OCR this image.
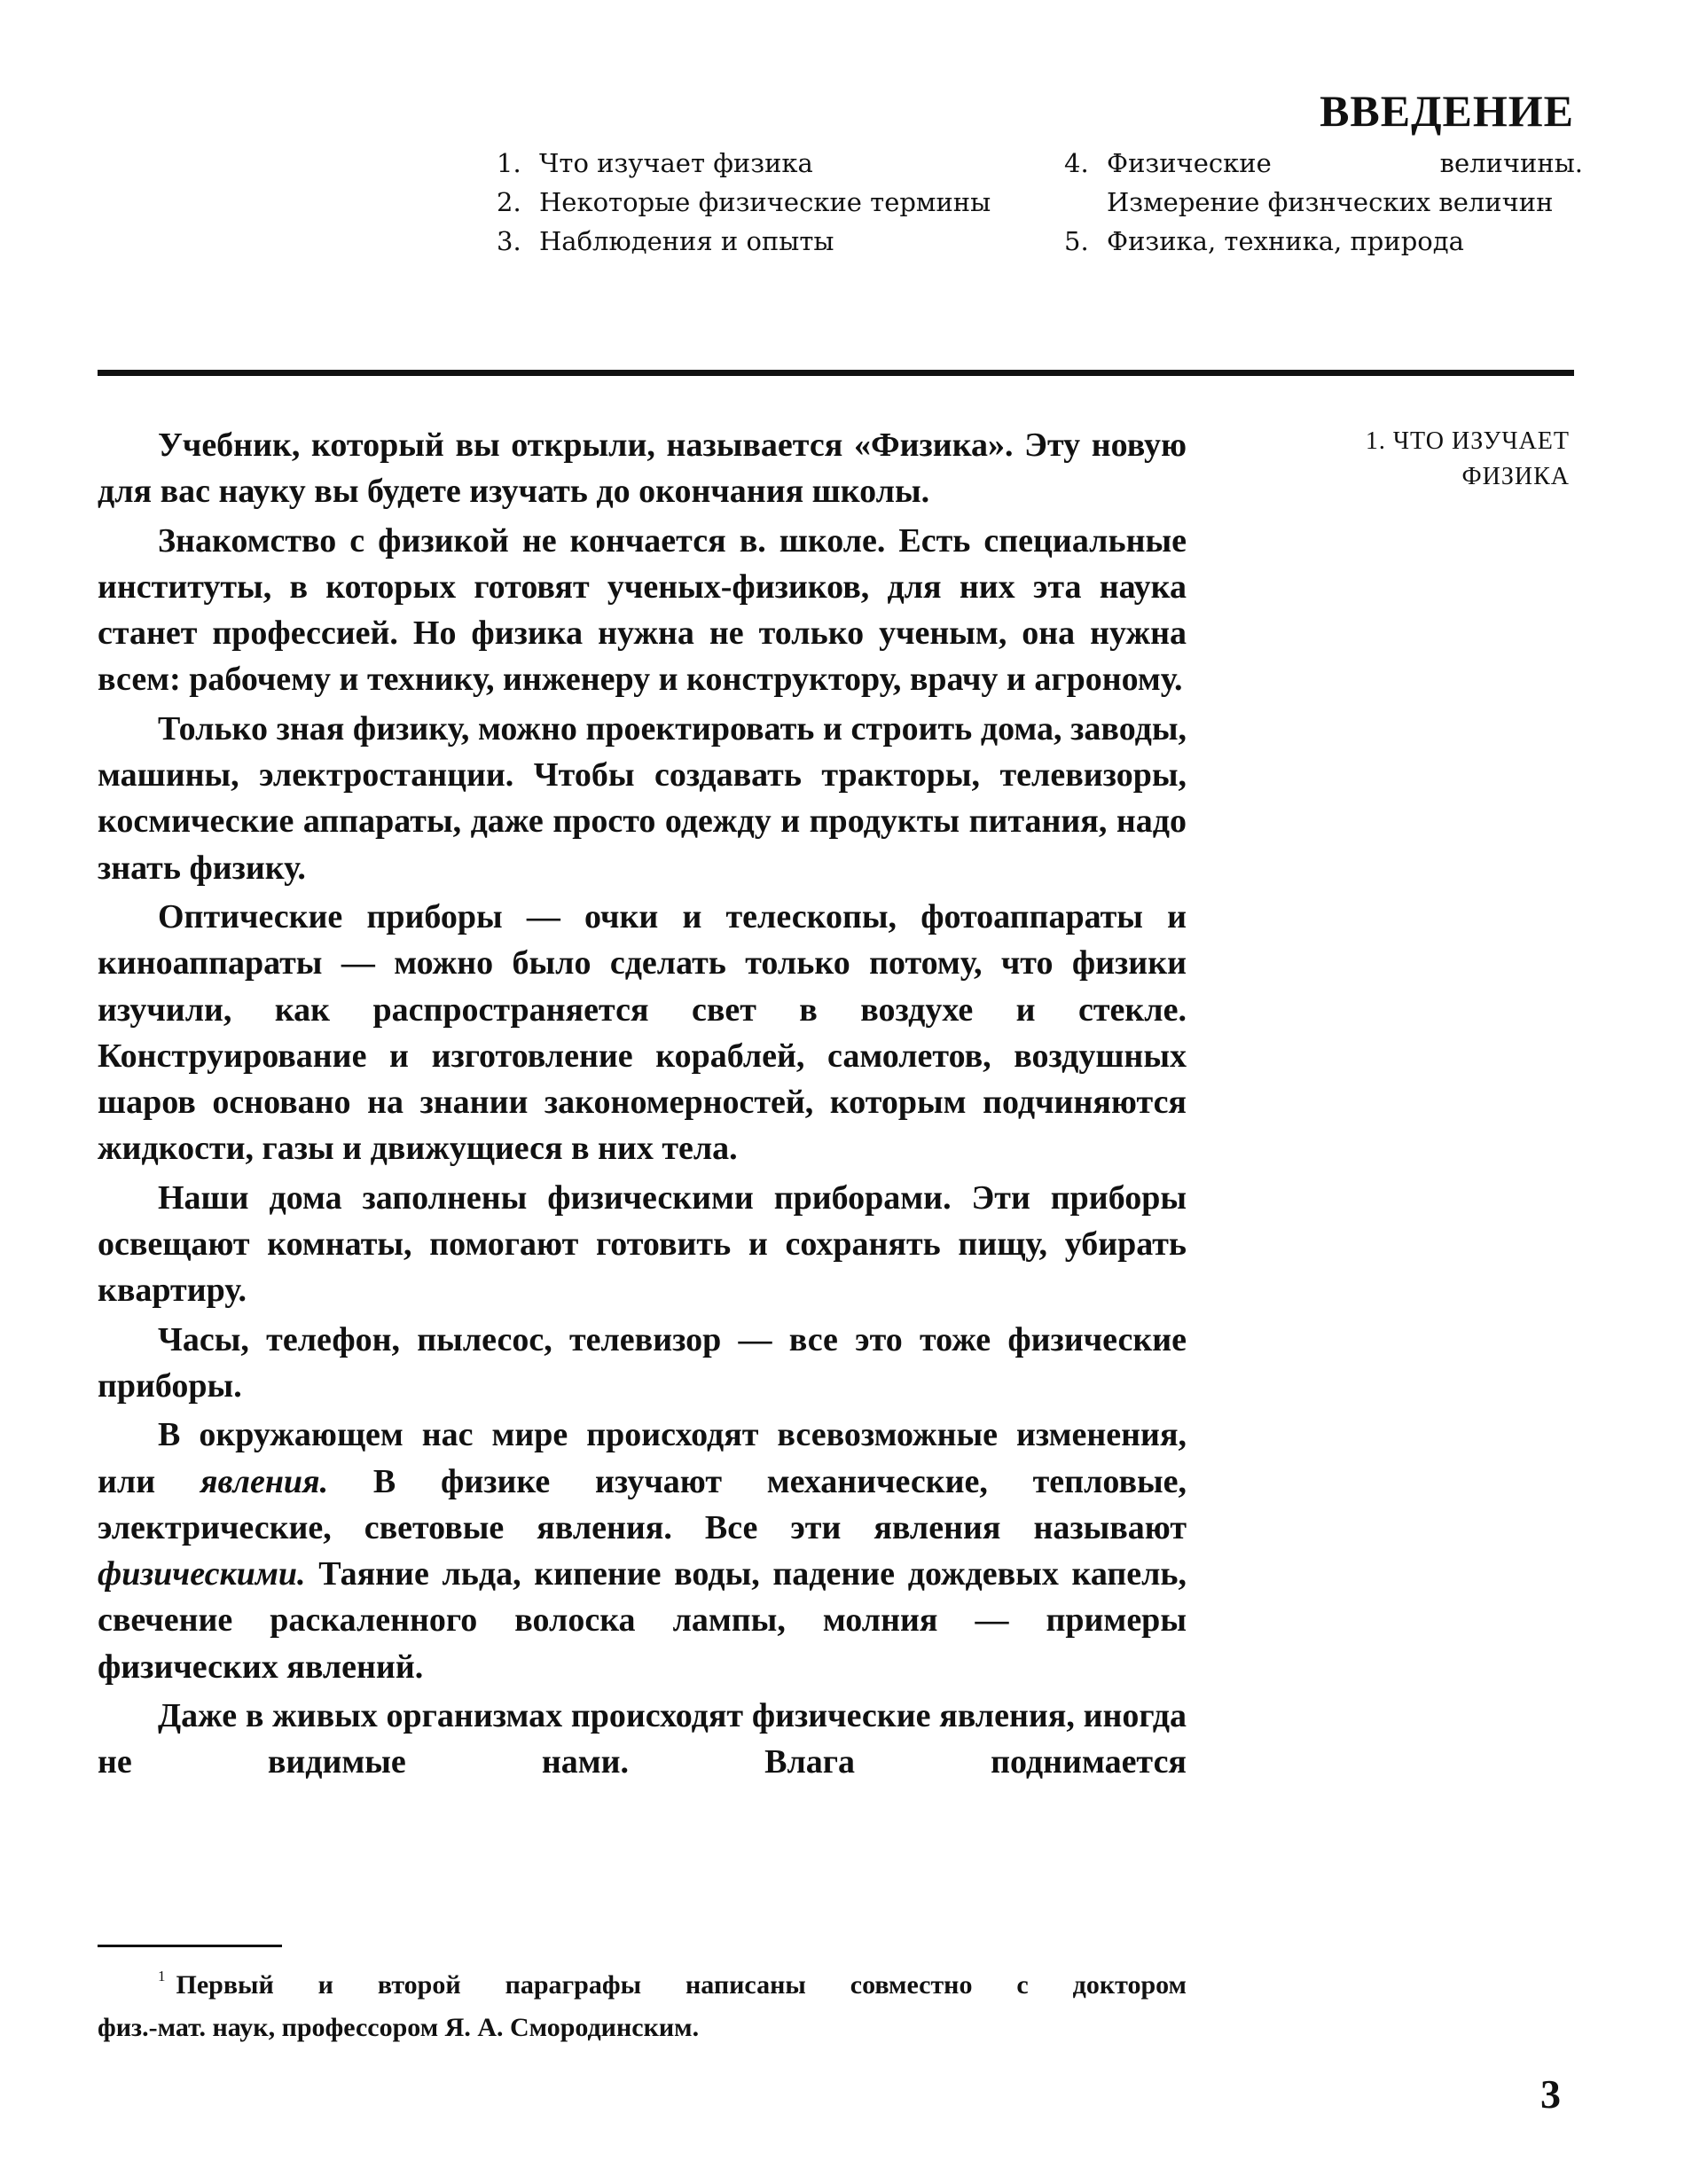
ВВЕДЕНИЕ
1. Что изучает физика
2. Некоторые физические термины
3. Наблюдения и опыты
4. Физические величины. Измерение физнческих величин
5. Физика, техника, природа
1. ЧТО ИЗУЧАЕТ
ФИЗИКА

Учебник, который вы открыли, называется «Физика». Эту новую для вас науку вы будете изучать до окончания школы.

Знакомство с физикой не кончается в. школе. Есть специальные институты, в которых готовят ученых-физиков, для них эта наука станет профессией. Но физика нужна не только ученым, она нужна всем: рабочему и технику, инженеру и конструктору, врачу и агроному.

Только зная физику, можно проектировать и строить дома, заводы, машины, электростанции. Чтобы создавать тракторы, телевизоры, космические аппараты, даже просто одежду и продукты питания, надо знать физику.

Оптические приборы — очки и телескопы, фотоаппараты и киноаппараты — можно было сделать только потому, что физики изучили, как распространяется свет в воздухе и стекле. Конструирование и изготовление кораблей, самолетов, воздушных шаров основано на знании закономерностей, которым подчиняются жидкости, газы и движущиеся в них тела.

Наши дома заполнены физическими приборами. Эти приборы освещают комнаты, помогают готовить и сохранять пищу, убирать квартиру.

Часы, телефон, пылесос, телевизор — все это тоже физические приборы.

В окружающем нас мире происходят всевозможные изменения, или явления. В физике изучают механические, тепловые, электрические, световые явления. Все эти явления называют физическими. Таяние льда, кипение воды, падение дождевых капель, свечение раскаленного волоска лампы, молния — примеры физических явлений.

Даже в живых организмах происходят физические явления, иногда не видимые нами. Влага поднимается

$^1$ Первый и второй параграфы написаны совместно с доктором
физ.-мат. наук, профессором Я. А. Смородинским.
3
